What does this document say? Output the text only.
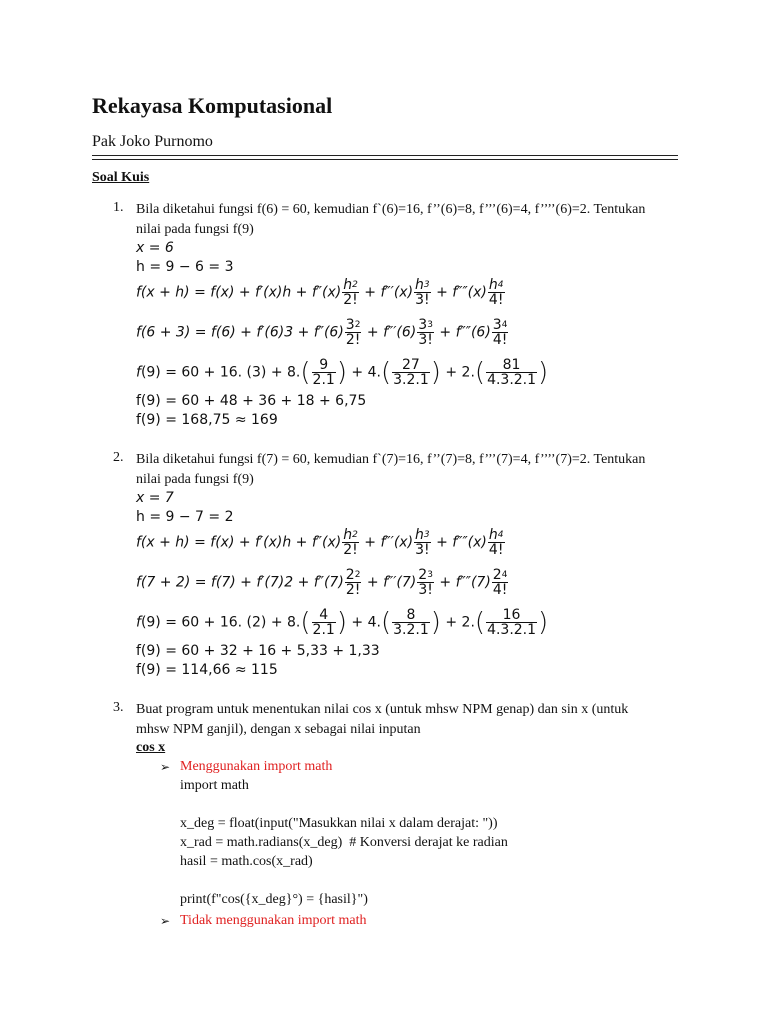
Rekayasa Komputasional
Pak Joko Purnomo
Soal Kuis
1. Bila diketahui fungsi f(6) = 60, kemudian f`(6)=16, f’’(6)=8, f’’’(6)=4, f’’’’(6)=2. Tentukan
nilai pada fungsi f(9)
x = 6
h = 9 − 6 = 3
$f(x + h) = f(x) + f'(x)h + f''(x) \frac{h^2}{2!} + f'''(x) \frac{h^3}{3!} + f''''(x) \frac{h^4}{4!}$
$f(6 + 3) = f(6) + f'(6)3 + f''(6) \frac{3^2}{2!} + f'''(6) \frac{3^3}{3!} + f''''(6) \frac{3^4}{4!}$
f(9) = 60 + 16. $(3) + 8.( \frac{9}{2.1}$ ) + $4.( \frac{27}{3.2.1}$ ) + $2.( \frac{81}{4.3.2.1}$ )
f(9) = 60 + 48 + 36 + 18 + 6,75
f(9) = 168,75 ≈ 169
2. Bila diketahui fungsi f(7) = 60, kemudian f`(7)=16, f’’(7)=8, f’’’(7)=4, f’’’’(7)=2. Tentukan
nilai pada fungsi f(9)
x = 7
h = 9 − 7 = 2
$f(x + h) = f(x) + f'(x)h + f''(x) \frac{h^2}{2!} + f'''(x) \frac{h^3}{3!} + f''''(x) \frac{h^4}{4!}$
$f(7 + 2) = f(7) + f'(7)2 + f''(7) \frac{2^2}{2!} + f'''(7) \frac{2^3}{3!} + f''''(7) \frac{2^4}{4!}$
f(9) = 60 + 16. $(2) + 8.( \frac{4}{2.1}$ ) + $4.( \frac{8}{3.2.1}$ ) + $2.( \frac{16}{4.3.2.1}$ )
f(9) = 60 + 32 + 16 + 5,33 + 1,33
f(9) = 114,66 ≈ 115
3. Buat program untuk menentukan nilai cos x (untuk mhsw NPM genap) dan sin x (untuk
mhsw NPM ganjil), dengan x sebagai nilai inputan
cos x
➢ Menggunakan import math
import math
x_deg = float(input("Masukkan nilai x dalam derajat: "))
x_rad = math.radians(x_deg)  # Konversi derajat ke radian
hasil = math.cos(x_rad)
print(f"cos({x_deg}°) = {hasil}")
➢ Tidak menggunakan import math
